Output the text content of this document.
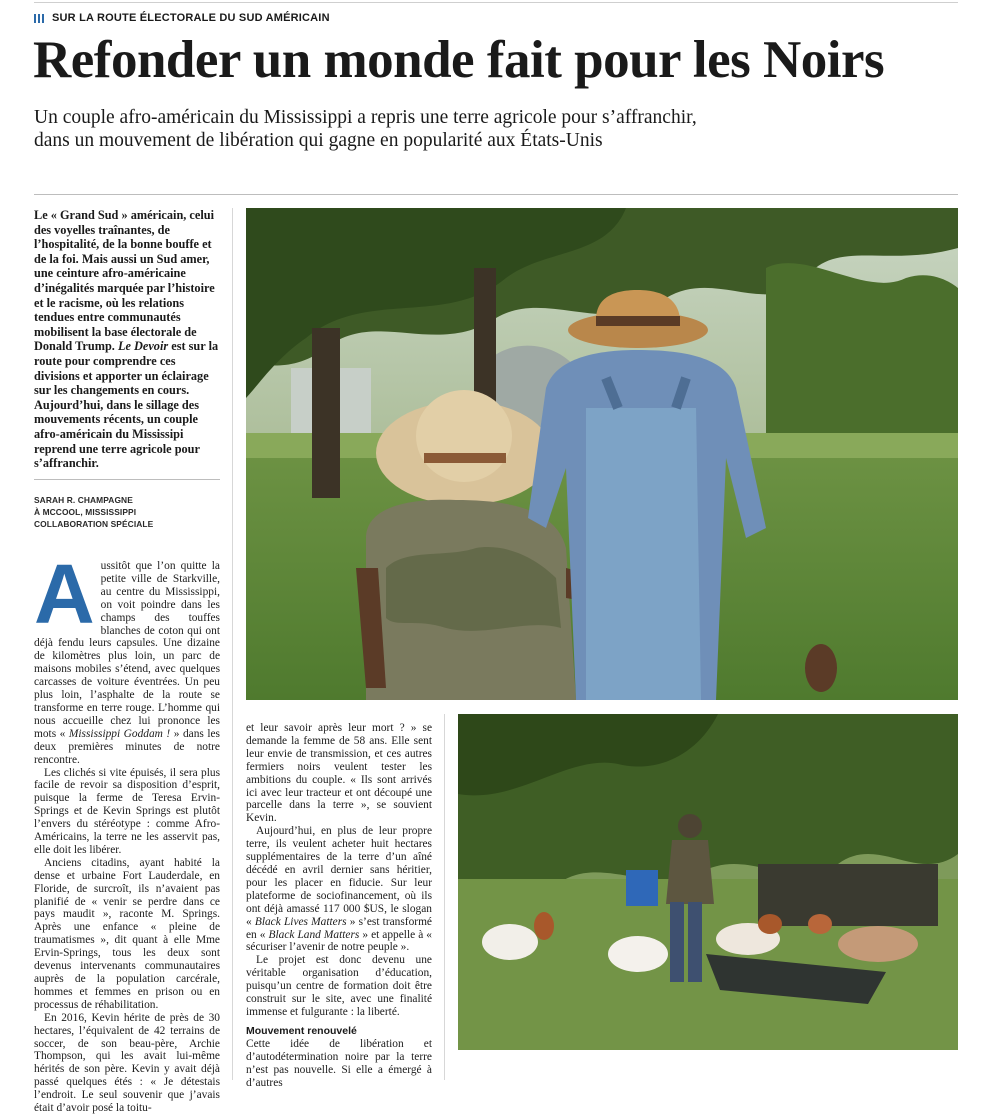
SUR LA ROUTE ÉLECTORALE DU SUD AMÉRICAIN
Refonder un monde fait pour les Noirs
Un couple afro-américain du Mississippi a repris une terre agricole pour s’affranchir,
dans un mouvement de libération qui gagne en popularité aux États-Unis

Le « Grand Sud » américain, celui des voyelles traînantes, de l’hospitalité, de la bonne bouffe et de la foi. Mais aussi un Sud amer, une ceinture afro-américaine d’inégalités marquée par l’histoire et le racisme, où les relations tendues entre communautés mobilisent la base électorale de Donald Trump. Le Devoir est sur la route pour comprendre ces divisions et apporter un éclairage sur les changements en cours. Aujourd’hui, dans le sillage des mouvements récents, un couple afro-américain du Mississipi reprend une terre agricole pour s’affranchir.

SARAH R. CHAMPAGNE
À MCCOOL, MISSISSIPPI
COLLABORATION SPÉCIALE

Aussitôt que l’on quitte la petite ville de Starkville, au centre du Mississippi, on voit poindre dans les champs des touffes blanches de coton qui ont déjà fendu leurs capsules. Une dizaine de kilomètres plus loin, un parc de maisons mobiles s’étend, avec quelques carcasses de voiture éventrées. Un peu plus loin, l’asphalte de la route se transforme en terre rouge. L’homme qui nous accueille chez lui prononce les mots « Mississippi Goddam ! » dans les deux premières minutes de notre rencontre.

Les clichés si vite épuisés, il sera plus facile de revoir sa disposition d’esprit, puisque la ferme de Teresa Ervin-Springs et de Kevin Springs est plutôt l’envers du stéréotype : comme Afro-Américains, la terre ne les asservit pas, elle doit les libérer.

Anciens citadins, ayant habité la dense et urbaine Fort Lauderdale, en Floride, de surcroît, ils n’avaient pas planifié de « venir se perdre dans ce pays maudit », raconte M. Springs. Après une enfance « pleine de traumatismes », dit quant à elle Mme Ervin-Springs, tous les deux sont devenus intervenants communautaires auprès de la population carcérale, hommes et femmes en prison ou en processus de réhabilitation.

En 2016, Kevin hérite de près de 30 hectares, l’équivalent de 42 terrains de soccer, de son beau-père, Archie Thompson, qui les avait lui-même hérités de son père. Kevin y avait déjà passé quelques étés : « Je détestais l’endroit. Le seul souvenir que j’avais était d’avoir posé la toitu-

et leur savoir après leur mort ? » se demande la femme de 58 ans. Elle sent leur envie de transmission, et ces autres fermiers noirs veulent tester les ambitions du couple. « Ils sont arrivés ici avec leur tracteur et ont découpé une parcelle dans la terre », se souvient Kevin.

Aujourd’hui, en plus de leur propre terre, ils veulent acheter huit hectares supplémentaires de la terre d’un aîné décédé en avril dernier sans héritier, pour les placer en fiducie. Sur leur plateforme de sociofinancement, où ils ont déjà amassé 117 000 $US, le slogan « Black Lives Matters » s’est transformé en « Black Land Matters » et appelle à « sécuriser l’avenir de notre peuple ».

Le projet est donc devenu une véritable organisation d’éducation, puisqu’un centre de formation doit être construit sur le site, avec une finalité immense et fulgurante : la liberté.

Mouvement renouvelé

Cette idée de libération et d’autodétermination noire par la terre n’est pas nouvelle. Si elle a émergé à d’autres
